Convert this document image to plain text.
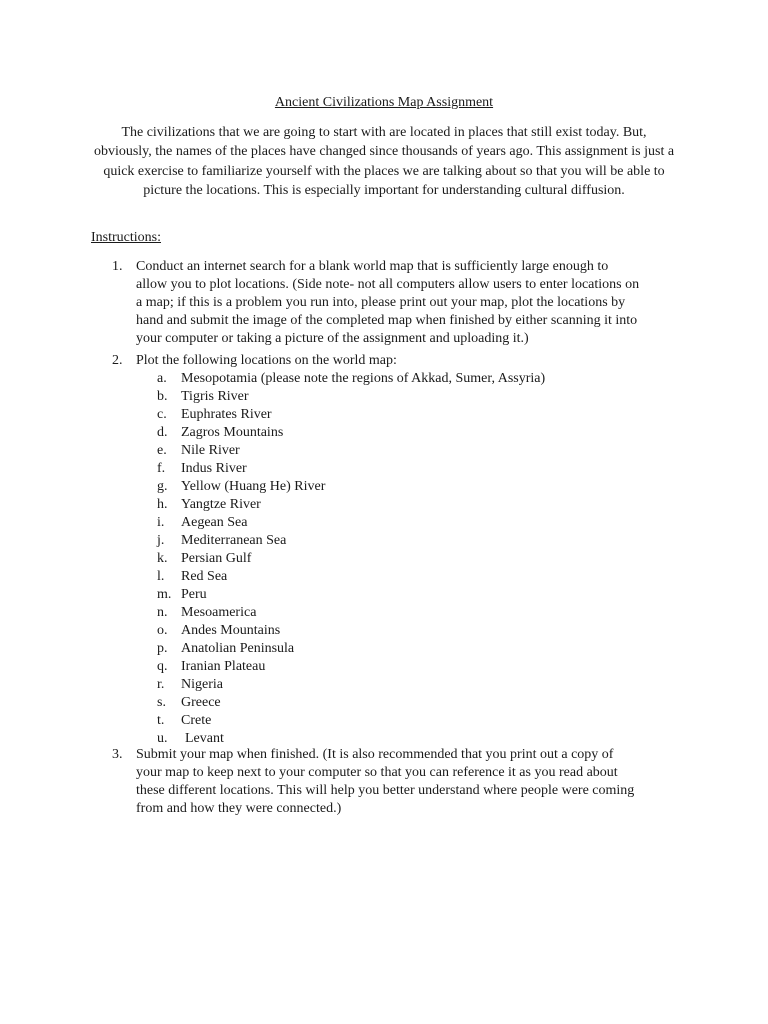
Ancient Civilizations Map Assignment
The civilizations that we are going to start with are located in places that still exist today. But, obviously, the names of the places have changed since thousands of years ago. This assignment is just a quick exercise to familiarize yourself with the places we are talking about so that you will be able to picture the locations. This is especially important for understanding cultural diffusion.
Instructions:
1. Conduct an internet search for a blank world map that is sufficiently large enough to
allow you to plot locations. (Side note- not all computers allow users to enter locations on
a map; if this is a problem you run into, please print out your map, plot the locations by
hand and submit the image of the completed map when finished by either scanning it into
your computer or taking a picture of the assignment and uploading it.)
2. Plot the following locations on the world map:
a. Mesopotamia (please note the regions of Akkad, Sumer, Assyria)
b. Tigris River
c. Euphrates River
d. Zagros Mountains
e. Nile River
f. Indus River
g. Yellow (Huang He) River
h. Yangtze River
i. Aegean Sea
j. Mediterranean Sea
k. Persian Gulf
l. Red Sea
m. Peru
n. Mesoamerica
o. Andes Mountains
p. Anatolian Peninsula
q. Iranian Plateau
r. Nigeria
s. Greece
t. Crete
u. Levant
3. Submit your map when finished. (It is also recommended that you print out a copy of
your map to keep next to your computer so that you can reference it as you read about
these different locations. This will help you better understand where people were coming
from and how they were connected.)
